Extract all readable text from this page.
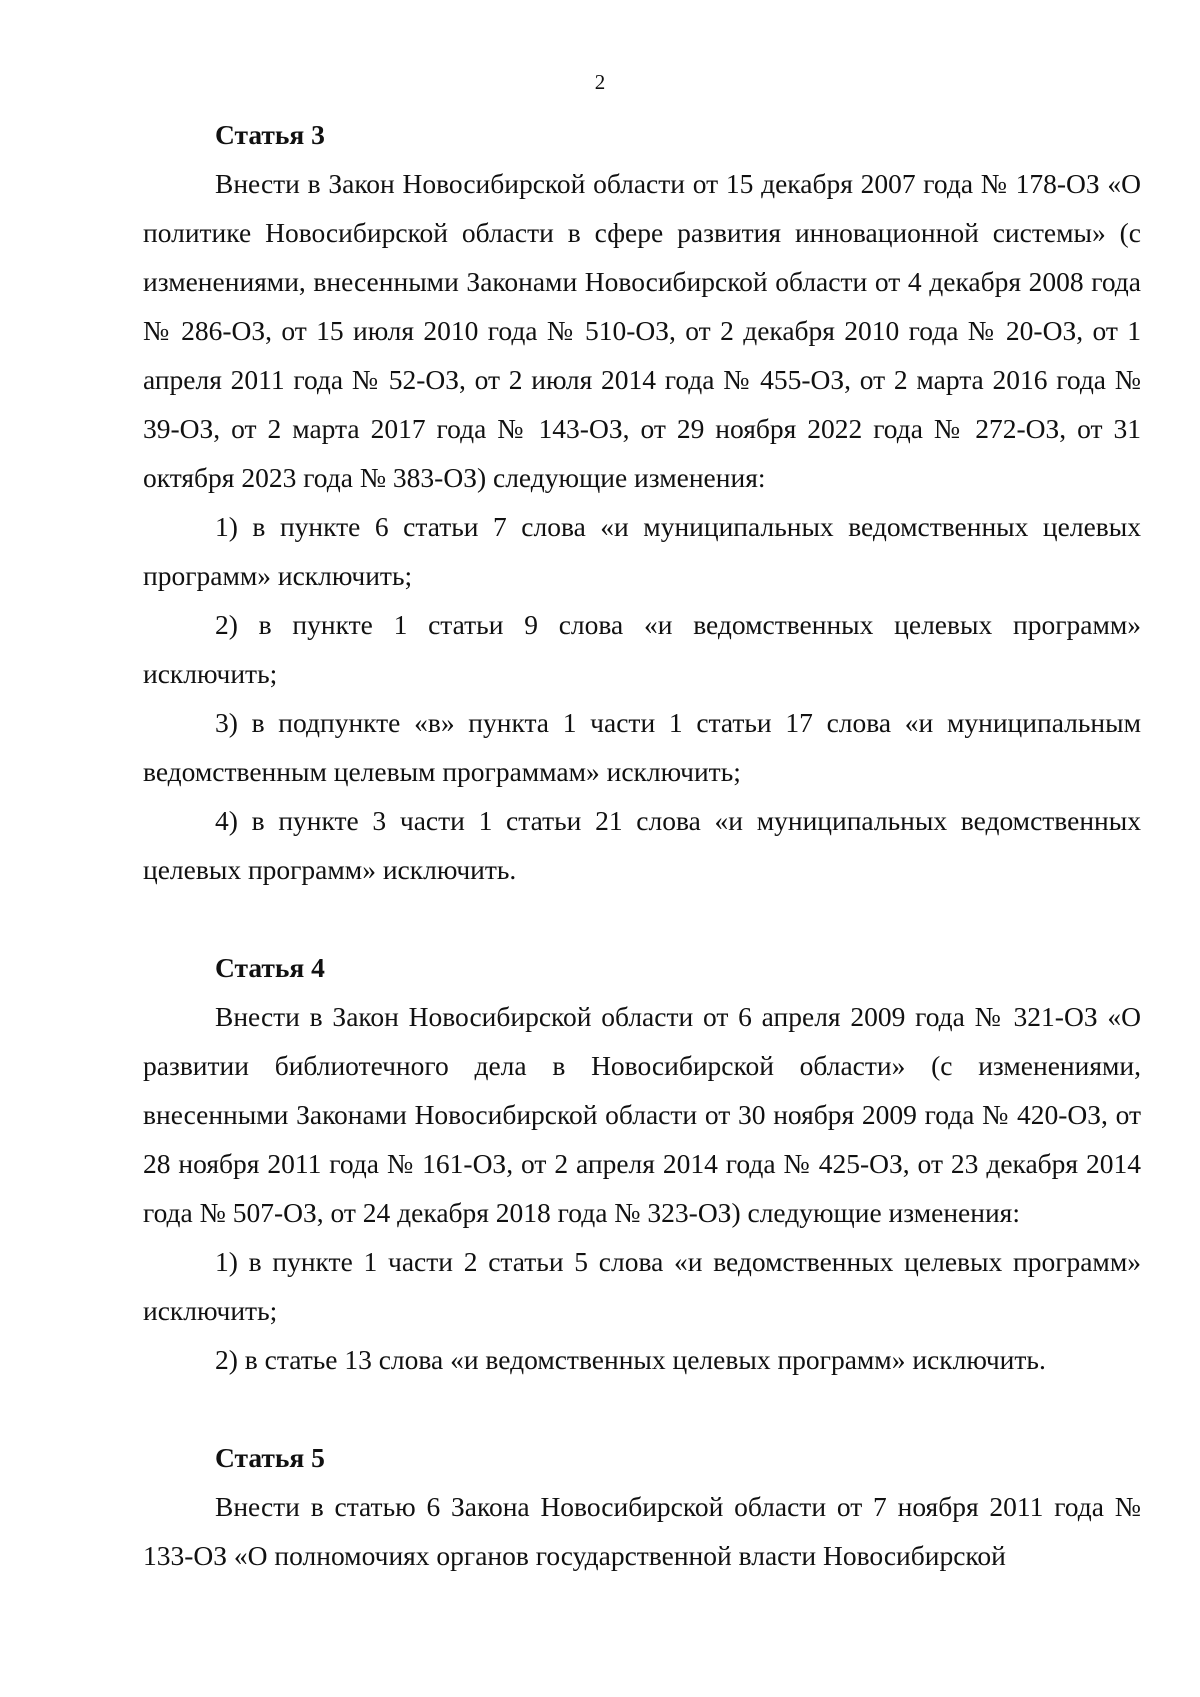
2

Статья 3

Внести в Закон Новосибирской области от 15 декабря 2007 года № 178-ОЗ «О политике Новосибирской области в сфере развития инновационной системы» (с изменениями, внесенными Законами Новосибирской области от 4 декабря 2008 года № 286-ОЗ, от 15 июля 2010 года № 510-ОЗ, от 2 декабря 2010 года № 20-ОЗ, от 1 апреля 2011 года № 52-ОЗ, от 2 июля 2014 года № 455-ОЗ, от 2 марта 2016 года № 39-ОЗ, от 2 марта 2017 года № 143-ОЗ, от 29 ноября 2022 года № 272-ОЗ, от 31 октября 2023 года № 383-ОЗ) следующие изменения:

1) в пункте 6 статьи 7 слова «и муниципальных ведомственных целевых программ» исключить;

2) в пункте 1 статьи 9 слова «и ведомственных целевых программ» исключить;

3) в подпункте «в» пункта 1 части 1 статьи 17 слова «и муниципальным ведомственным целевым программам» исключить;

4) в пункте 3 части 1 статьи 21 слова «и муниципальных ведомственных целевых программ» исключить.

Статья 4

Внести в Закон Новосибирской области от 6 апреля 2009 года № 321-ОЗ «О развитии библиотечного дела в Новосибирской области» (с изменениями, внесенными Законами Новосибирской области от 30 ноября 2009 года № 420-ОЗ, от 28 ноября 2011 года № 161-ОЗ, от 2 апреля 2014 года № 425-ОЗ, от 23 декабря 2014 года № 507-ОЗ, от 24 декабря 2018 года № 323-ОЗ) следующие изменения:

1) в пункте 1 части 2 статьи 5 слова «и ведомственных целевых программ» исключить;

2) в статье 13 слова «и ведомственных целевых программ» исключить.

Статья 5

Внести в статью 6 Закона Новосибирской области от 7 ноября 2011 года № 133-ОЗ «О полномочиях органов государственной власти Новосибирской
